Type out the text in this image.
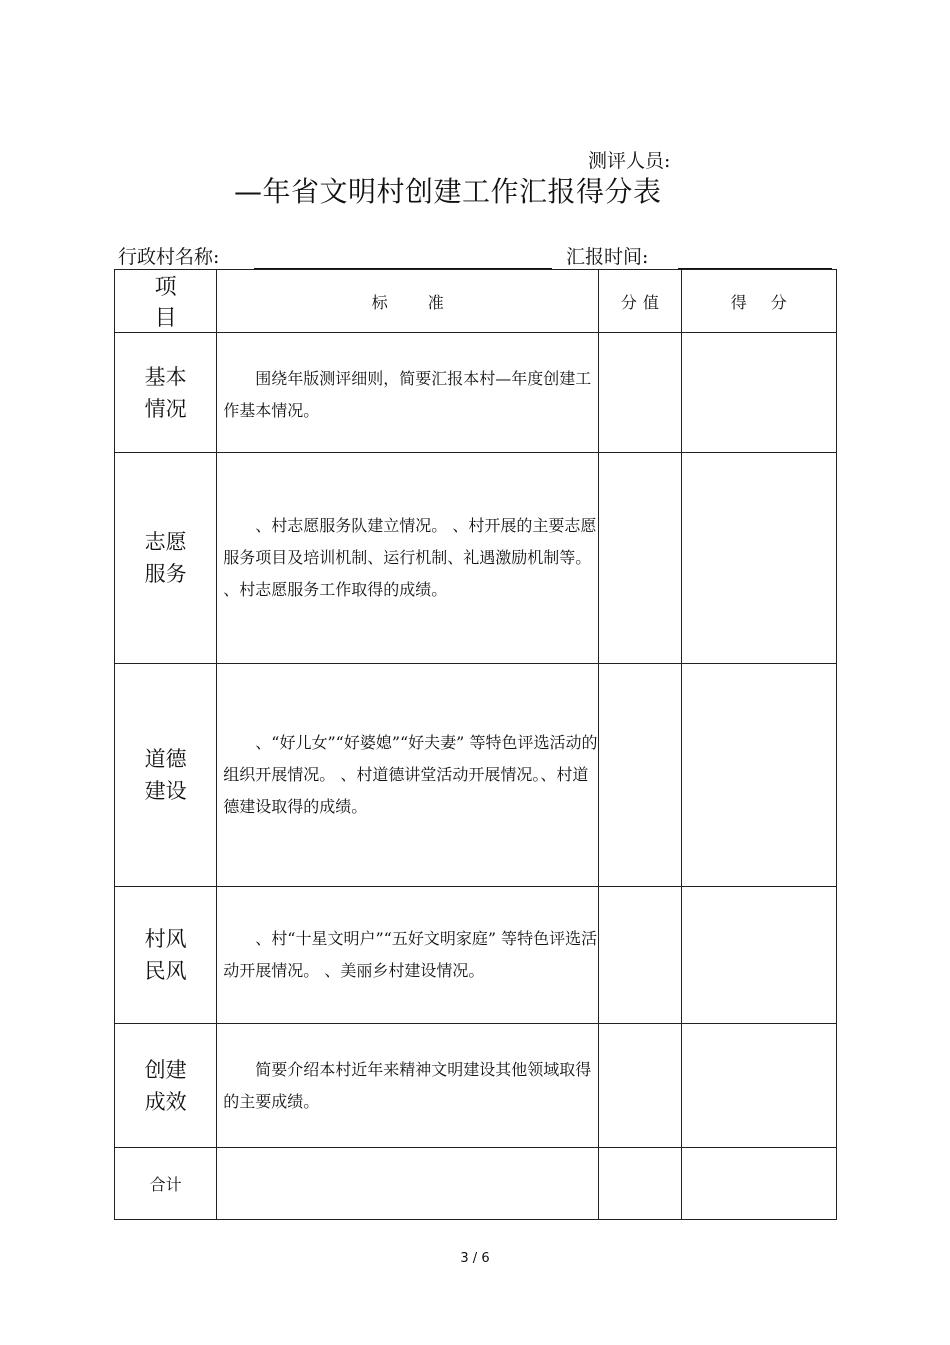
测评人员:
—年省文明村创建工作汇报得分表
行政村名称:	汇报时间:
项目	标准	分值	得分

基本
情况	围绕年版测评细则，简要汇报本村—年度创建工作基本情况。		

志愿
服务	、村志愿服务队建立情况。 、村开展的主要志愿服务项目及培训机制、运行机制、礼遇激励机制等。 、村志愿服务工作取得的成绩。		

道德
建设	、“好儿女”“好婆媳”“好夫妻” 等特色评选活动的组织开展情况。 、村道德讲堂活动开展情况。、村道德建设取得的成绩。		

村风
民风	、村“十星文明户”“五好文明家庭” 等特色评选活动开展情况。 、美丽乡村建设情况。		

创建
成效	简要介绍本村近年来精神文明建设其他领域取得的主要成绩。		
合计			
3 / 6
